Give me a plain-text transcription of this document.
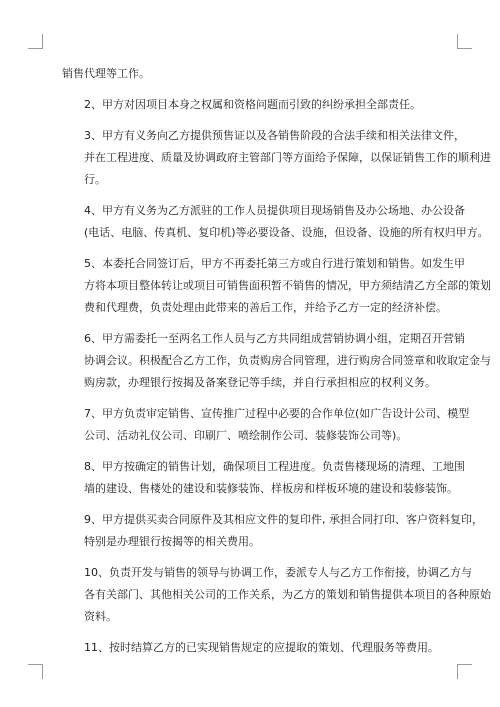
销售代理等工作。

2、甲方对因项目本身之权属和资格问题而引致的纠纷承担全部责任。

3、甲方有义务向乙方提供预售证以及各销售阶段的合法手续和相关法律文件，
并在工程进度、质量及协调政府主管部门等方面给予保障，以保证销售工作的顺利进
行。

4、甲方有义务为乙方派驻的工作人员提供项目现场销售及办公场地、办公设备
(电话、电脑、传真机、复印机)等必要设备、设施，但设备、设施的所有权归甲方。

5、本委托合同签订后，甲方不再委托第三方或自行进行策划和销售。如发生甲
方将本项目整体转让或项目可销售面积暂不销售的情况，甲方须结清乙方全部的策划
费和代理费，负责处理由此带来的善后工作，并给予乙方一定的经济补偿。

6、甲方需委托一至两名工作人员与乙方共同组成营销协调小组，定期召开营销
协调会议。积极配合乙方工作，负责购房合同管理，进行购房合同签章和收取定金与
购房款，办理银行按揭及备案登记等手续，并自行承担相应的权利义务。

7、甲方负责审定销售、宣传推广过程中必要的合作单位(如广告设计公司、模型
公司、活动礼仪公司、印刷厂、喷绘制作公司、装修装饰公司等)。

8、甲方按确定的销售计划，确保项目工程进度。负责售楼现场的清理、工地围
墙的建设、售楼处的建设和装修装饰、样板房和样板环境的建设和装修装饰。

9、甲方提供买卖合同原件及其相应文件的复印件, 承担合同打印、客户资料复印，
特别是办理银行按揭等的相关费用。

10、负责开发与销售的领导与协调工作，委派专人与乙方工作衔接，协调乙方与
各有关部门、其他相关公司的工作关系，为乙方的策划和销售提供本项目的各种原始
资料。

11、按时结算乙方的已实现销售规定的应提取的策划、代理服务等费用。
